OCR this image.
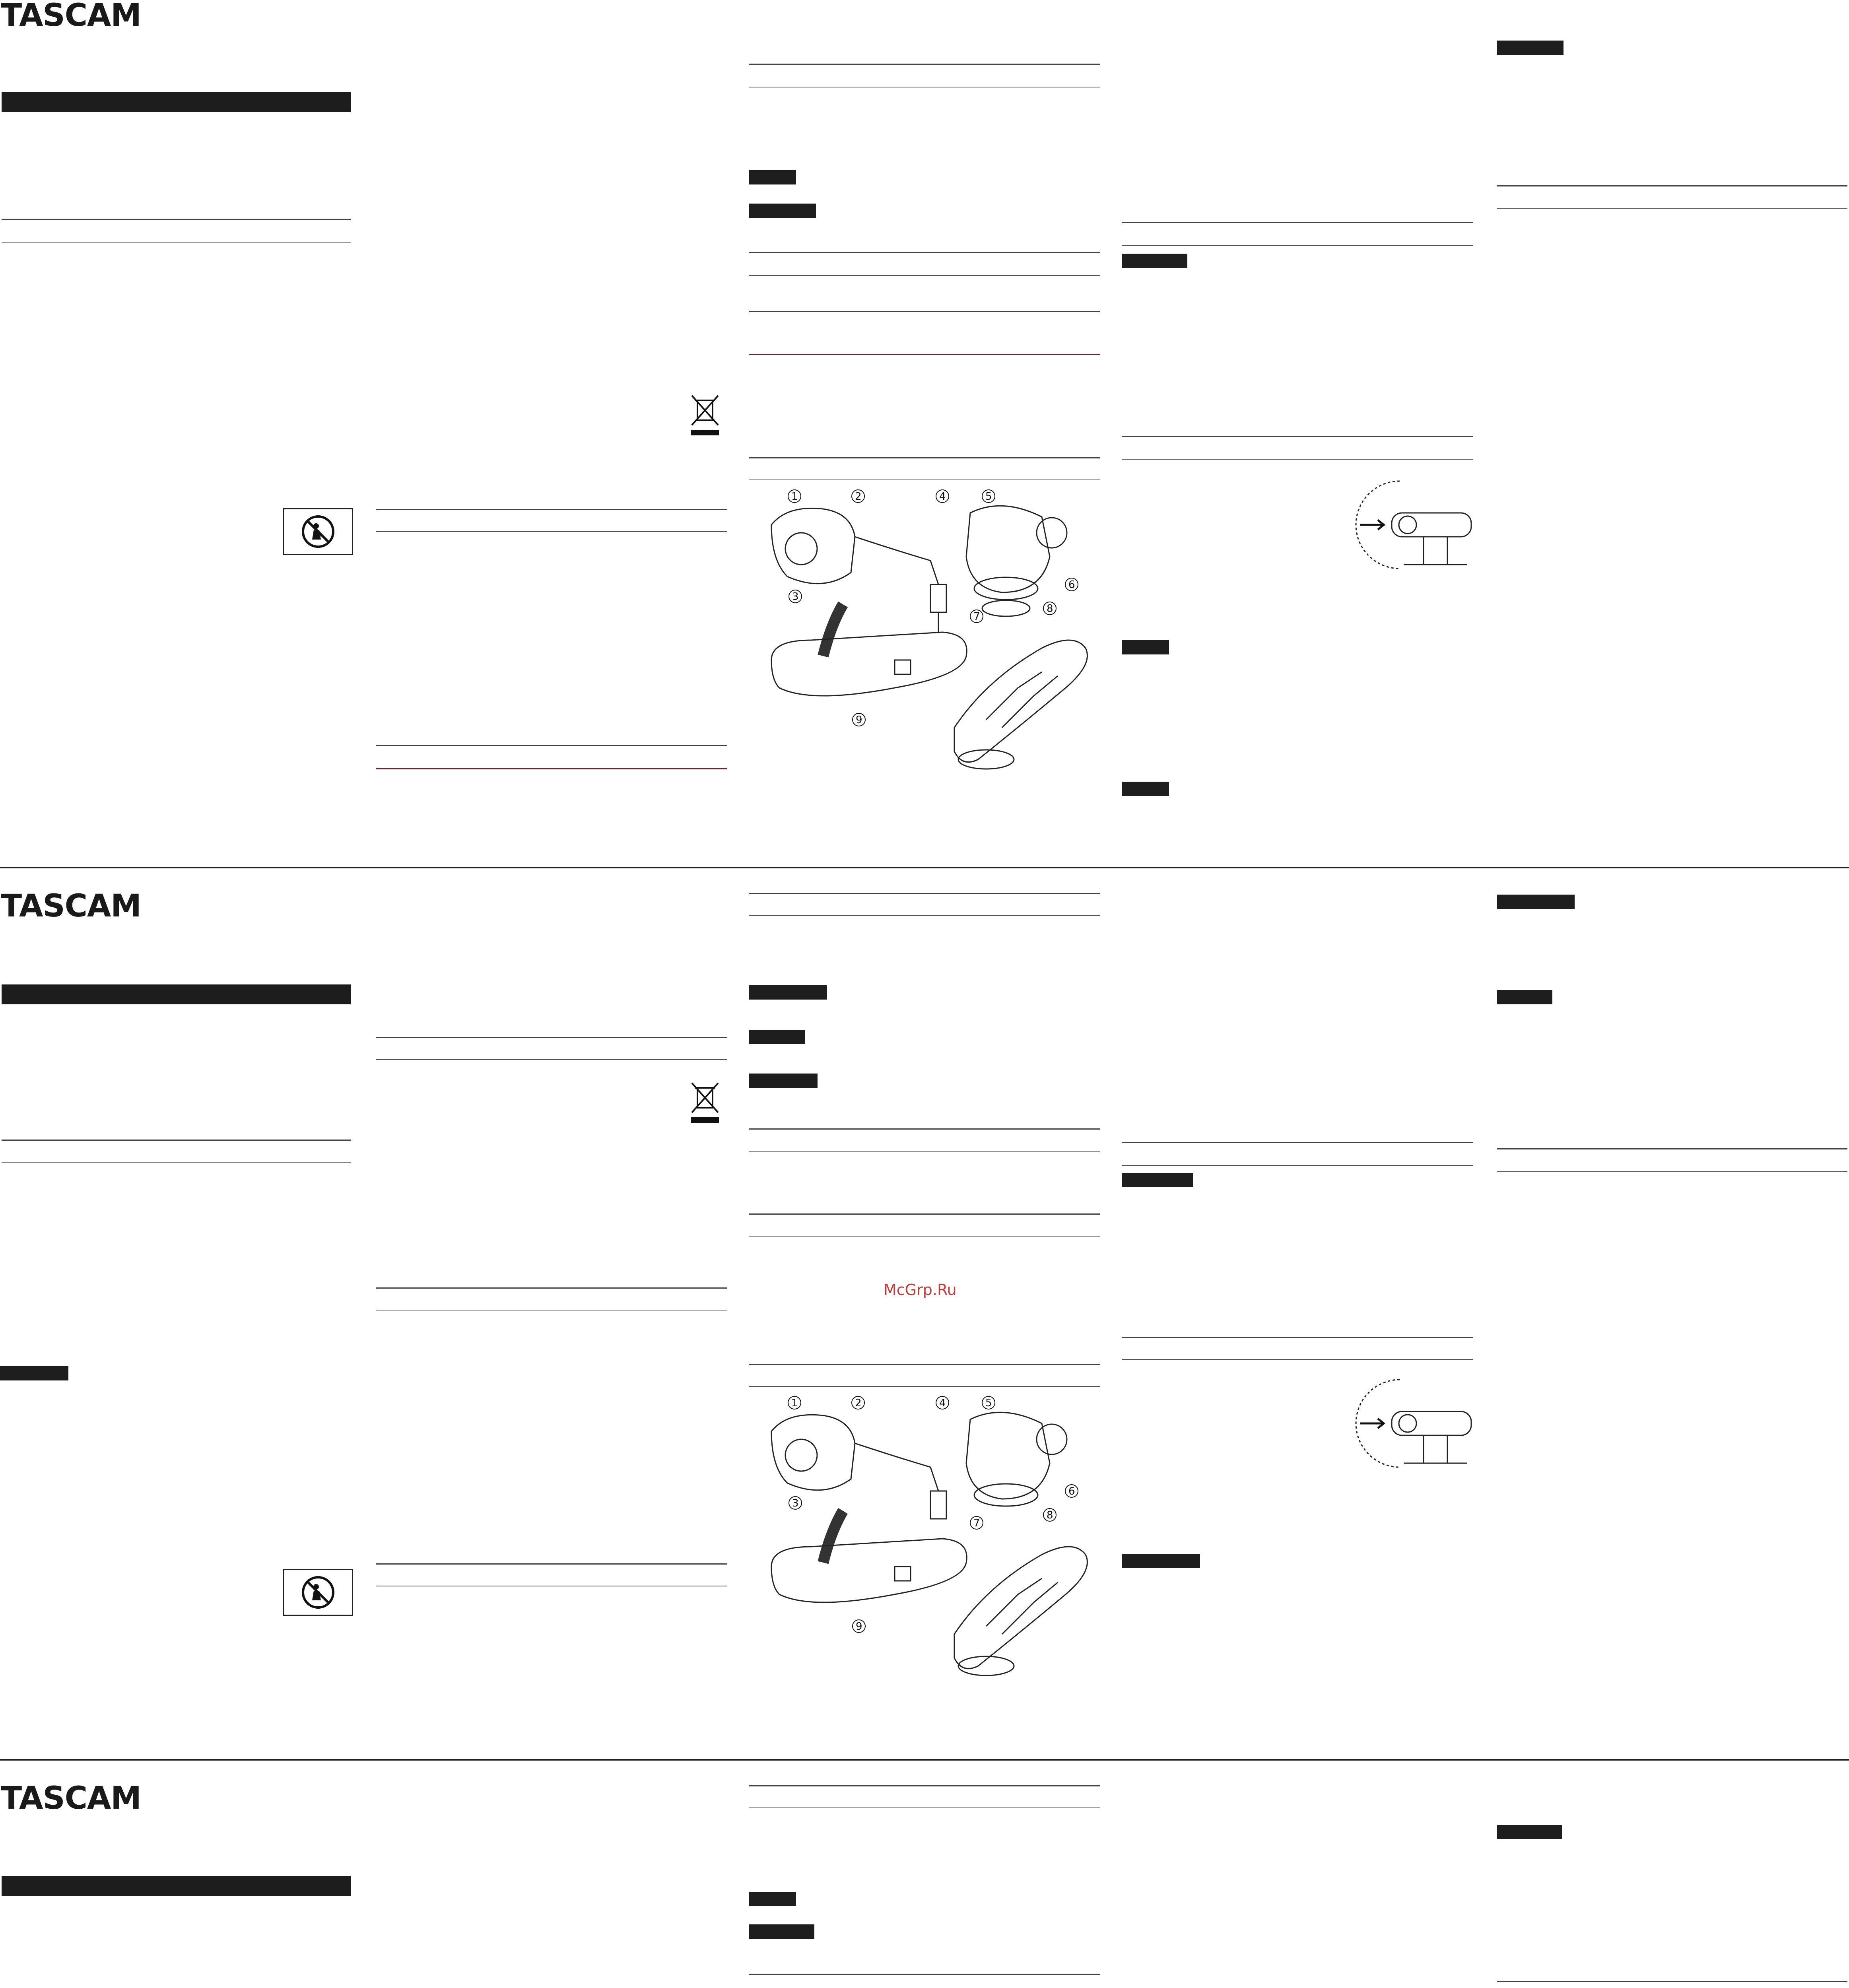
TASCAM
1	2
3
4	5
6
7
8
9
TASCAM
McGrp.Ru
1	2
3
4	5
6
7
8
9
TASCAM
